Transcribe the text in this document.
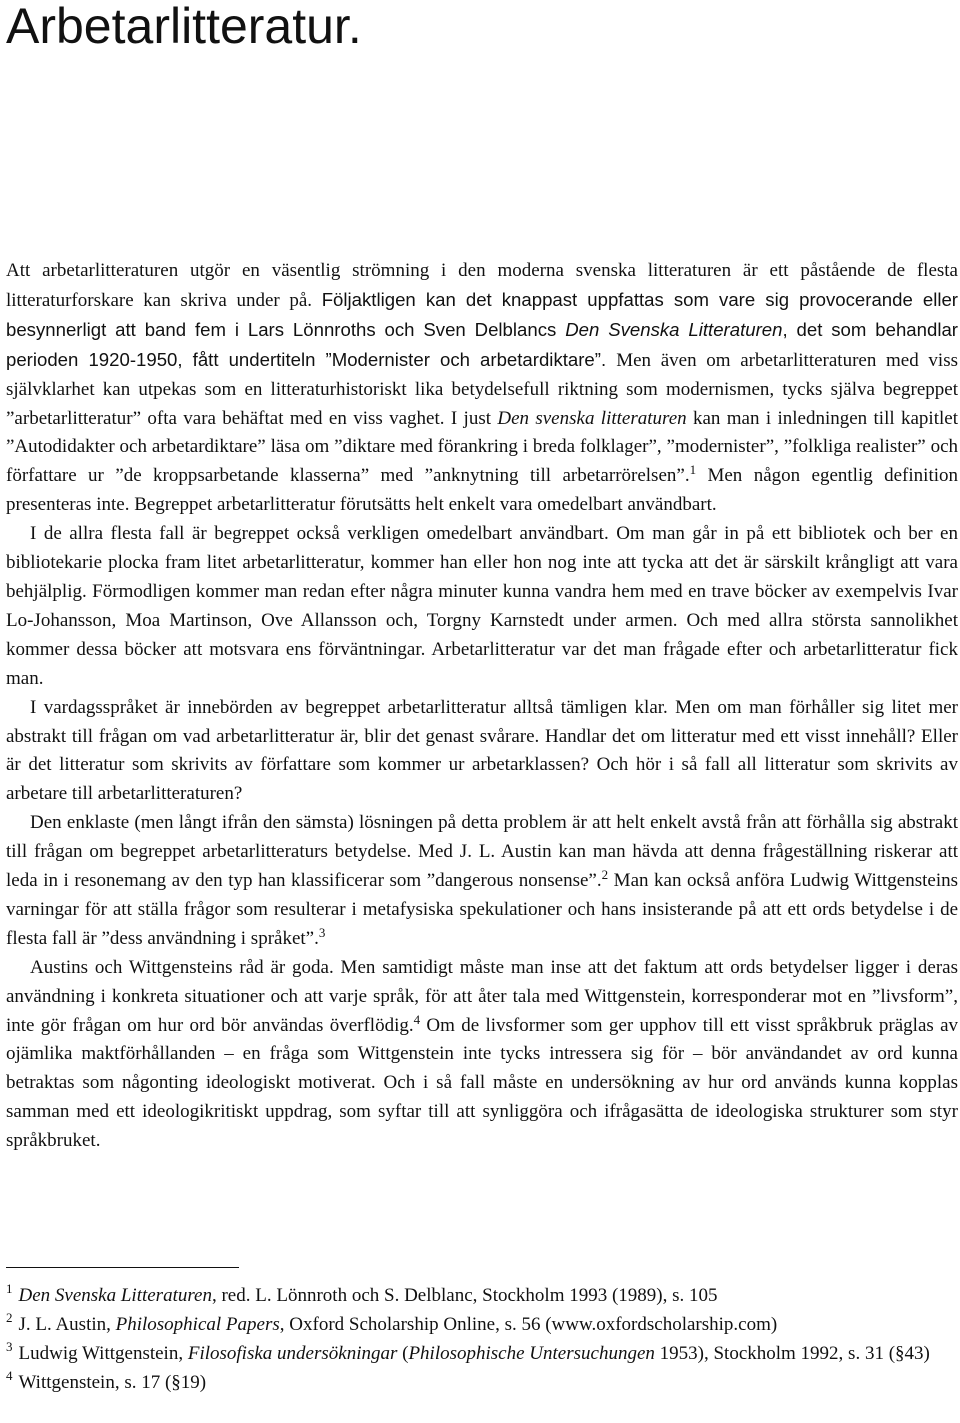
Arbetarlitteratur.

Att arbetarlitteraturen utgör en väsentlig strömning i den moderna svenska litteraturen är ett påstående de flesta litteraturforskare kan skriva under på. Följaktligen kan det knappast uppfattas som vare sig provocerande eller besynnerligt att band fem i Lars Lönnroths och Sven Delblancs Den Svenska Litteraturen, det som behandlar perioden 1920-1950, fått undertiteln ”Modernister och arbetardiktare”. Men även om arbetarlitteraturen med viss självklarhet kan utpekas som en litteraturhistoriskt lika betydelsefull riktning som modernismen, tycks själva begreppet ”arbetarlitteratur” ofta vara behäftat med en viss vaghet. I just Den svenska litteraturen kan man i inledningen till kapitlet ”Autodidakter och arbetardiktare” läsa om ”diktare med förankring i breda folklager”, ”modernister”, ”folkliga realister” och författare ur ”de kroppsarbetande klasserna” med ”anknytning till arbetarrörelsen”.$^1$ Men någon egentlig definition presenteras inte. Begreppet arbetarlitteratur förutsätts helt enkelt vara omedelbart användbart.

I de allra flesta fall är begreppet också verkligen omedelbart användbart. Om man går in på ett bibliotek och ber en bibliotekarie plocka fram litet arbetarlitteratur, kommer han eller hon nog inte att tycka att det är särskilt krångligt att vara behjälplig. Förmodligen kommer man redan efter några minuter kunna vandra hem med en trave böcker av exempelvis Ivar Lo-Johansson, Moa Martinson, Ove Allansson och, Torgny Karnstedt under armen. Och med allra största sannolikhet kommer dessa böcker att motsvara ens förväntningar. Arbetarlitteratur var det man frågade efter och arbetarlitteratur fick man.

I vardagsspråket är innebörden av begreppet arbetarlitteratur alltså tämligen klar. Men om man förhåller sig litet mer abstrakt till frågan om vad arbetarlitteratur är, blir det genast svårare. Handlar det om litteratur med ett visst innehåll? Eller är det litteratur som skrivits av författare som kommer ur arbetarklassen? Och hör i så fall all litteratur som skrivits av arbetare till arbetarlitteraturen?

Den enklaste (men långt ifrån den sämsta) lösningen på detta problem är att helt enkelt avstå från att förhålla sig abstrakt till frågan om begreppet arbetarlitteraturs betydelse. Med J. L. Austin kan man hävda att denna frågeställning riskerar att leda in i resonemang av den typ han klassificerar som ”dangerous nonsense”.$^2$ Man kan också anföra Ludwig Wittgensteins varningar för att ställa frågor som resulterar i metafysiska spekulationer och hans insisterande på att ett ords betydelse i de flesta fall är ”dess användning i språket”.$^3$

Austins och Wittgensteins råd är goda. Men samtidigt måste man inse att det faktum att ords betydelser ligger i deras användning i konkreta situationer och att varje språk, för att åter tala med Wittgenstein, korresponderar mot en ”livsform”, inte gör frågan om hur ord bör användas överflödig.$^4$ Om de livsformer som ger upphov till ett visst språkbruk präglas av ojämlika maktförhållanden – en fråga som Wittgenstein inte tycks intressera sig för – bör användandet av ord kunna betraktas som någonting ideologiskt motiverat. Och i så fall måste en undersökning av hur ord används kunna kopplas samman med ett ideologikritiskt uppdrag, som syftar till att synliggöra och ifrågasätta de ideologiska strukturer som styr språkbruket.

$^1$ Den Svenska Litteraturen, red. L. Lönnroth och S. Delblanc, Stockholm 1993 (1989), s. 105

$^2$ J. L. Austin, Philosophical Papers, Oxford Scholarship Online, s. 56 (www.oxfordscholarship.com)

$^3$ Ludwig Wittgenstein, Filosofiska undersökningar (Philosophische Untersuchungen 1953), Stockholm 1992, s. 31 (§43)

$^4$ Wittgenstein, s. 17 (§19)
